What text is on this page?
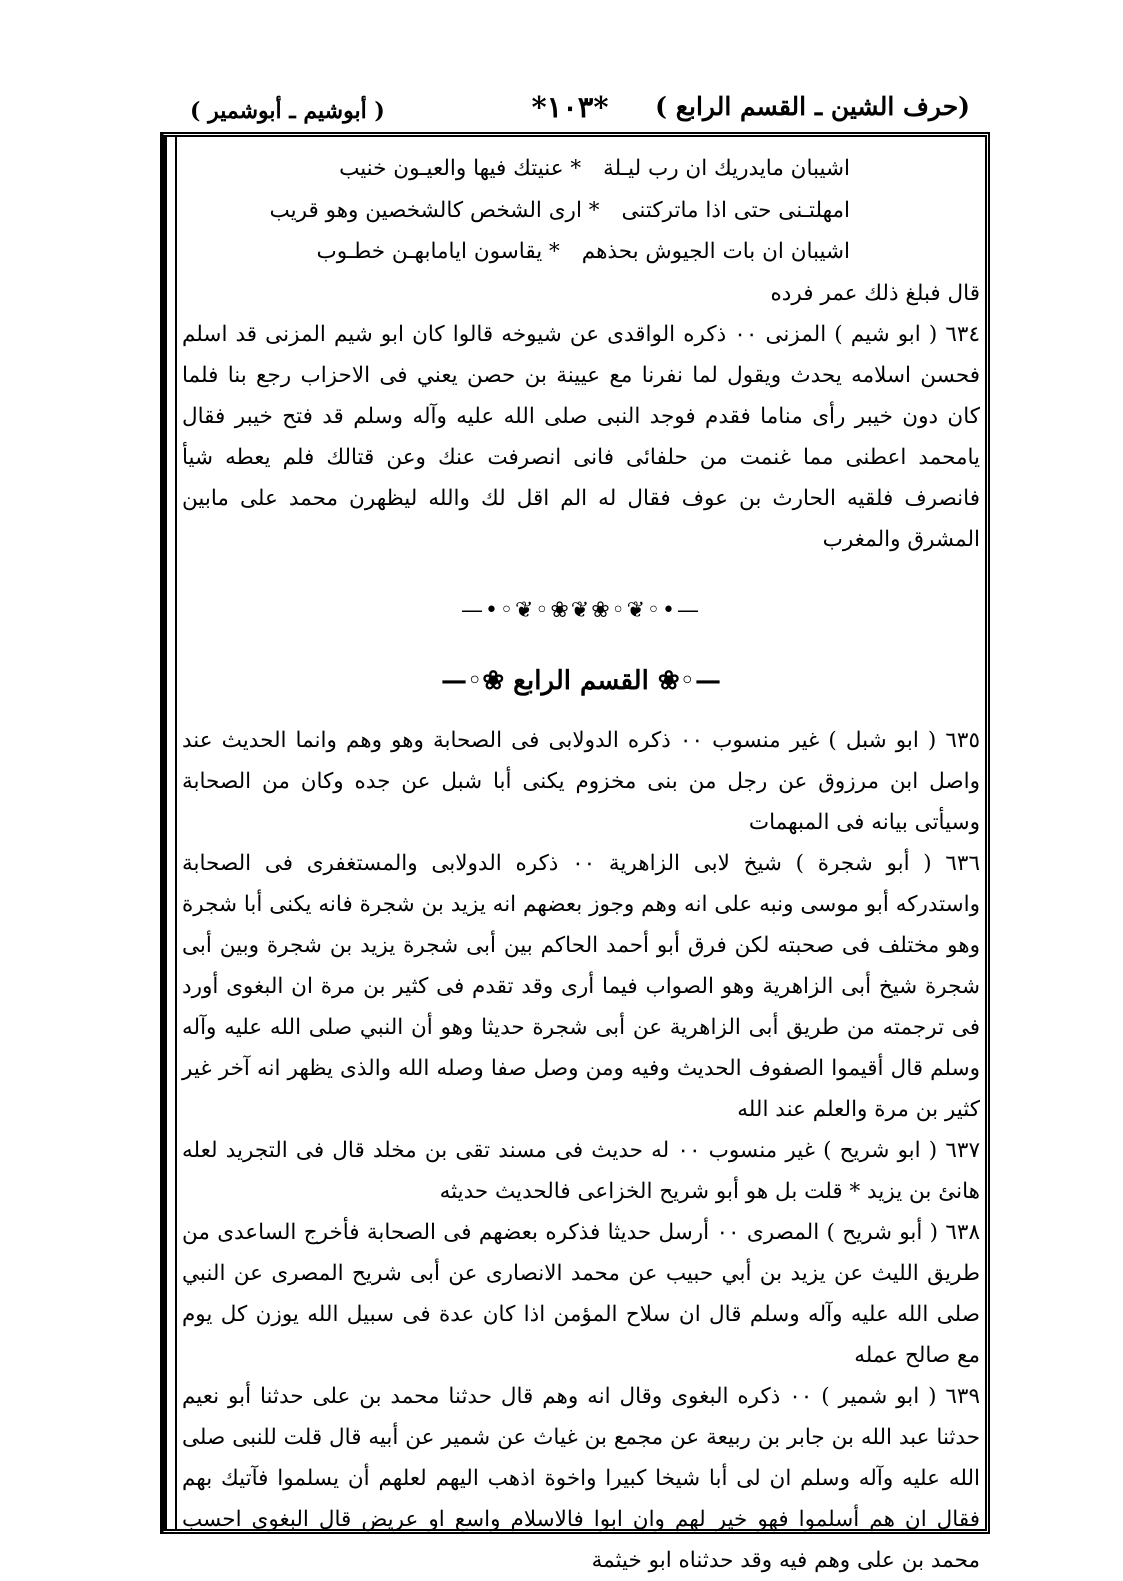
(حرف الشين ـ القسم الرابع )
*١٠٣*
( أبوشيم ـ أبوشمير )
اشيبان مايدريك ان رب ليـلة
* عنيتك فيها والعيـون خنيب
امهلتـنى حتى اذا ماتركتنى
* ارى الشخص كالشخصين وهو قريب
اشيبان ان بات الجيوش بحذهم
* يقاسون ايامابهـن خطـوب
قال فبلغ ذلك عمر فرده
٦٣٤ ( ابو شيم ) المزنى ٠٠ ذكره الواقدى عن شيوخه قالوا كان ابو شيم المزنى قد اسلم فحسن اسلامه يحدث ويقول لما نفرنا مع عيينة بن حصن يعني فى الاحزاب رجع بنا فلما كان دون خيبر رأى مناما فقدم فوجد النبى صلى الله عليه وآله وسلم قد فتح خيبر فقال يامحمد اعطنى مما غنمت من حلفائى فانى انصرفت عنك وعن قتالك فلم يعطه شيأ فانصرف فلقيه الحارث بن عوف فقال له الم اقل لك والله ليظهرن محمد على مابين المشرق والمغرب
—•◦❦◦❀❦❀◦❦◦•—
—◦❀ القسم الرابع ❀◦—
٦٣٥ ( ابو شبل ) غير منسوب ٠٠ ذكره الدولابى فى الصحابة وهو وهم وانما الحديث عند واصل ابن مرزوق عن رجل من بنى مخزوم يكنى أبا شبل عن جده وكان من الصحابة وسيأتى بيانه فى المبهمات
٦٣٦ ( أبو شجرة ) شيخ لابى الزاهرية ٠٠ ذكره الدولابى والمستغفرى فى الصحابة واستدركه أبو موسى ونبه على انه وهم وجوز بعضهم انه يزيد بن شجرة فانه يكنى أبا شجرة وهو مختلف فى صحبته لكن فرق أبو أحمد الحاكم بين أبى شجرة يزيد بن شجرة وبين أبى شجرة شيخ أبى الزاهرية وهو الصواب فيما أرى وقد تقدم فى كثير بن مرة ان البغوى أورد فى ترجمته من طريق أبى الزاهرية عن أبى شجرة حديثا وهو أن النبي صلى الله عليه وآله وسلم قال أقيموا الصفوف الحديث وفيه ومن وصل صفا وصله الله والذى يظهر انه آخر غير كثير بن مرة والعلم عند الله
٦٣٧ ( ابو شريح ) غير منسوب ٠٠ له حديث فى مسند تقى بن مخلد قال فى التجريد لعله هانئ بن يزيد * قلت بل هو أبو شريح الخزاعى فالحديث حديثه
٦٣٨ ( أبو شريح ) المصرى ٠٠ أرسل حديثا فذكره بعضهم فى الصحابة فأخرج الساعدى من طريق الليث عن يزيد بن أبي حبيب عن محمد الانصارى عن أبى شريح المصرى عن النبي صلى الله عليه وآله وسلم قال ان سلاح المؤمن اذا كان عدة فى سبيل الله يوزن كل يوم مع صالح عمله
٦٣٩ ( ابو شمير ) ٠٠ ذكره البغوى وقال انه وهم قال حدثنا محمد بن على حدثنا أبو نعيم حدثنا عبد الله بن جابر بن ربيعة عن مجمع بن غياث عن شمير عن أبيه قال قلت للنبى صلى الله عليه وآله وسلم ان لى أبا شيخا كبيرا واخوة اذهب اليهم لعلهم أن يسلموا فآتيك بهم فقال ان هم أسلموا فهو خير لهم وان ابوا فالاسلام واسع او عريض قال البغوى احسب محمد بن على وهم فيه وقد حدثناه ابو خيثمة
